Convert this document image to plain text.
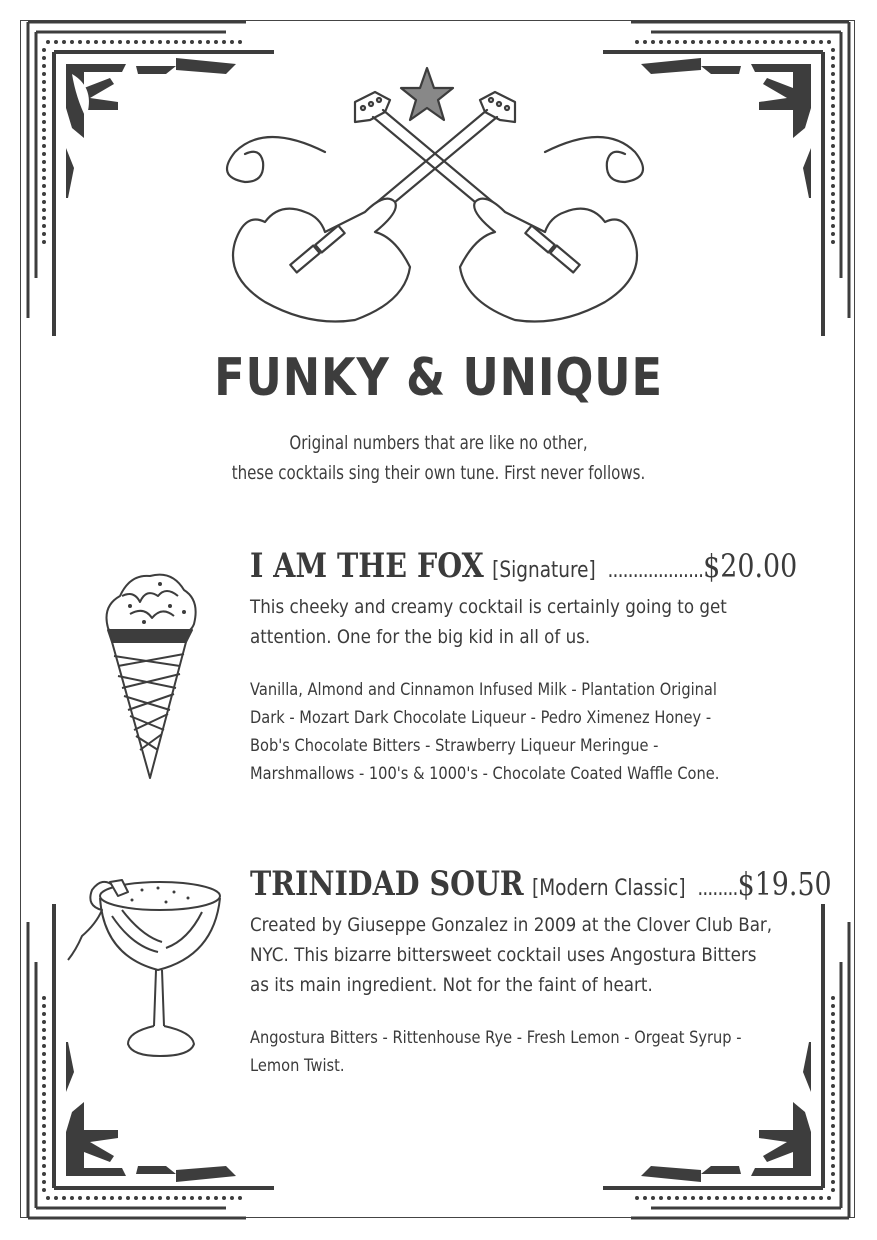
FUNKY & UNIQUE
Original numbers that are like no other,
these cocktails sing their own tune. First never follows.
I AM THE FOX [Signature] ................... $20.00
This cheeky and creamy cocktail is certainly going to get attention. One for the big kid in all of us.
Vanilla, Almond and Cinnamon Infused Milk - Plantation Original Dark - Mozart Dark Chocolate Liqueur - Pedro Ximenez Honey - Bob's Chocolate Bitters - Strawberry Liqueur Meringue - Marshmallows - 100's & 1000's - Chocolate Coated Waffle Cone.
TRINIDAD SOUR [Modern Classic] ........ $19.50
Created by Giuseppe Gonzalez in 2009 at the Clover Club Bar, NYC. This bizarre bittersweet cocktail uses Angostura Bitters as its main ingredient. Not for the faint of heart.
Angostura Bitters - Rittenhouse Rye - Fresh Lemon - Orgeat Syrup - Lemon Twist.
